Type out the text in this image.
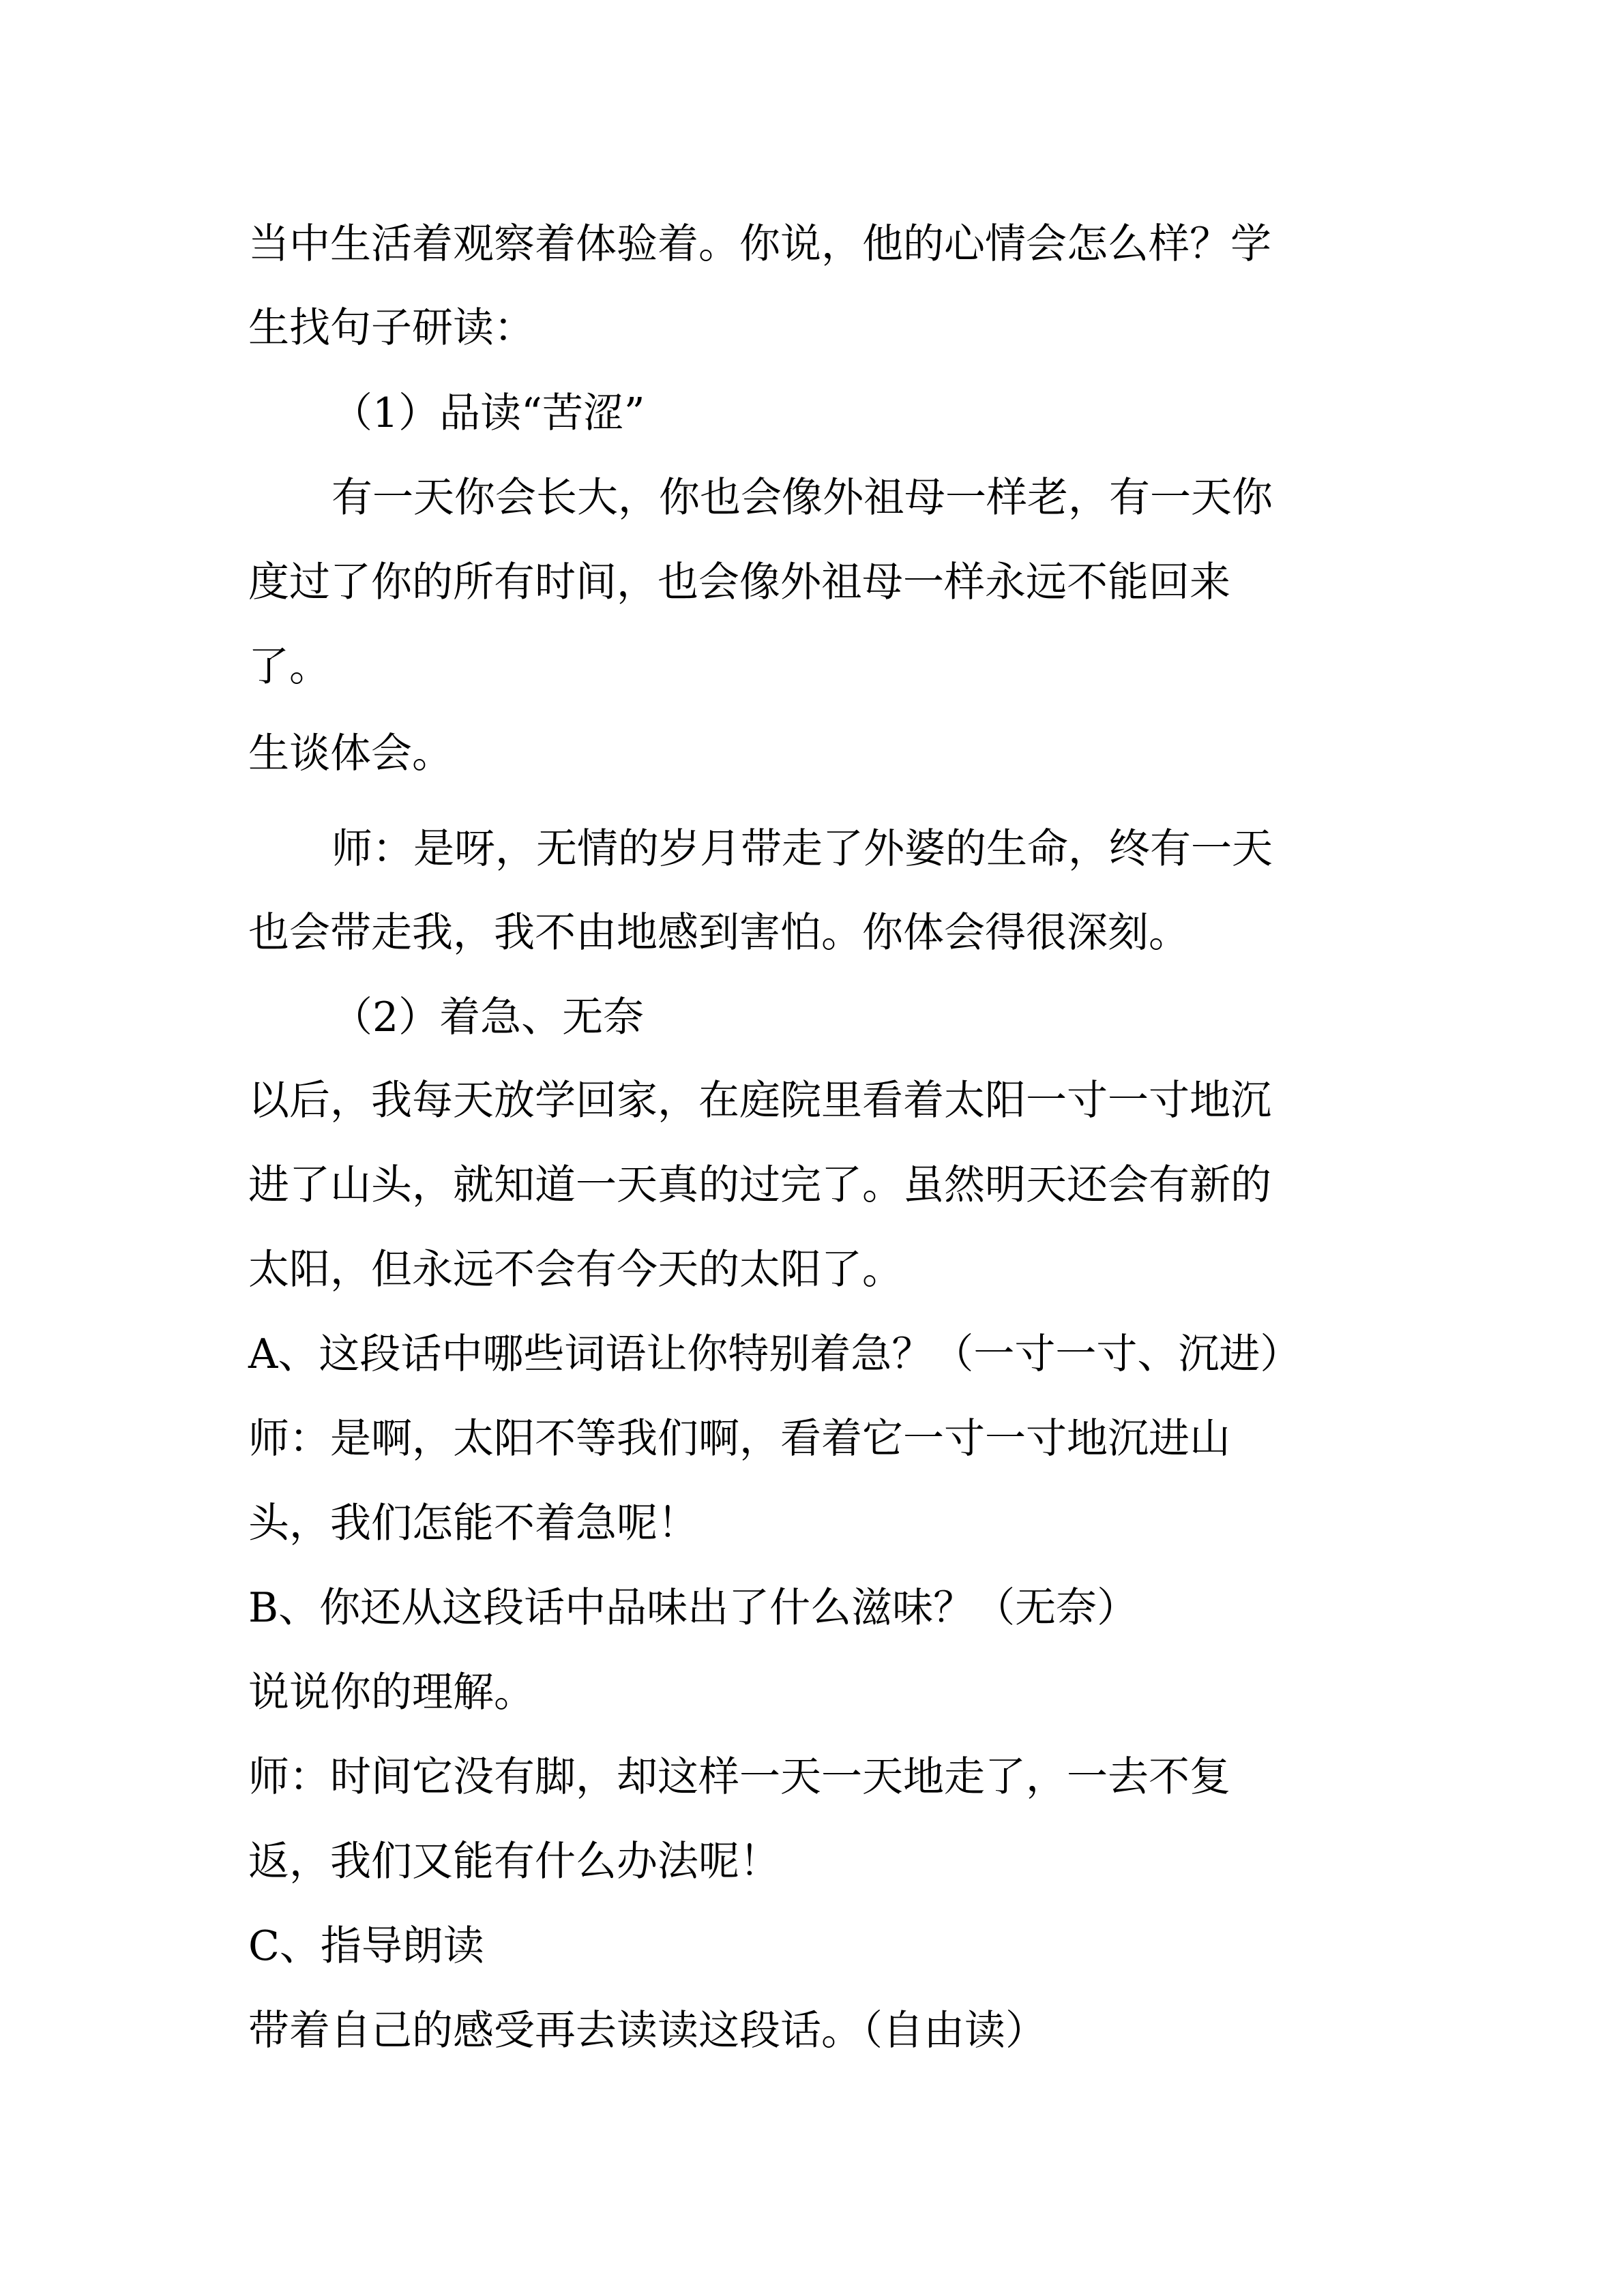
当中生活着观察着体验着。你说，他的心情会怎么样？学
生找句子研读：
（1）品读“苦涩”
有一天你会长大，你也会像外祖母一样老，有一天你
度过了你的所有时间，也会像外祖母一样永远不能回来
了。
生谈体会。
师：是呀，无情的岁月带走了外婆的生命，终有一天
也会带走我，我不由地感到害怕。你体会得很深刻。
（2）着急、无奈
以后，我每天放学回家，在庭院里看着太阳一寸一寸地沉
进了山头，就知道一天真的过完了。虽然明天还会有新的
太阳，但永远不会有今天的太阳了。
A、这段话中哪些词语让你特别着急？（一寸一寸、沉进）
师：是啊，太阳不等我们啊，看着它一寸一寸地沉进山
头，我们怎能不着急呢！
B、你还从这段话中品味出了什么滋味？（无奈）
说说你的理解。
师：时间它没有脚，却这样一天一天地走了，一去不复
返，我们又能有什么办法呢！
C、指导朗读
带着自己的感受再去读读这段话。（自由读）
